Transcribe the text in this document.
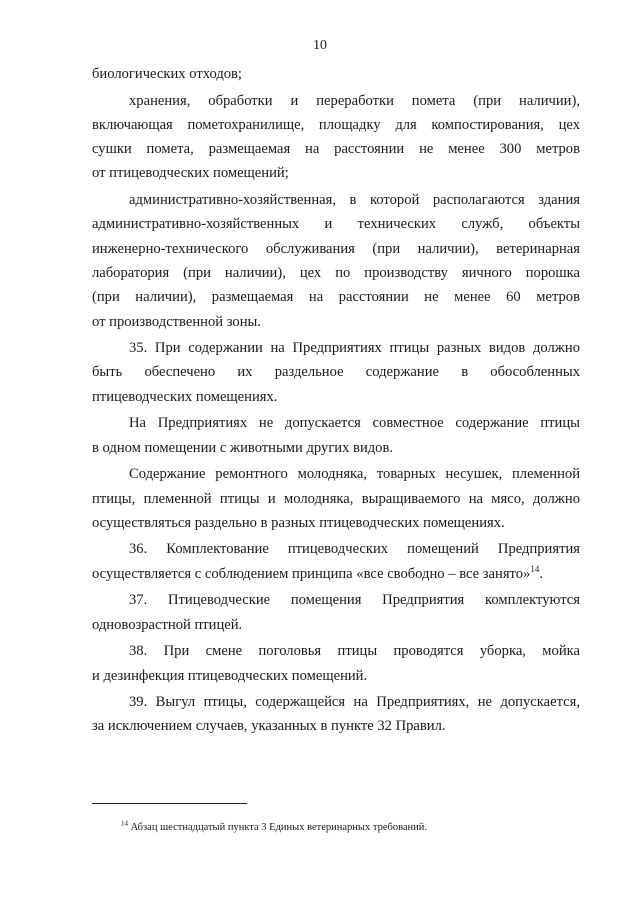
10
биологических отходов;
хранения, обработки и переработки помета (при наличии),
включающая пометохранилище, площадку для компостирования, цех
сушки помета, размещаемая на расстоянии не менее 300 метров
от птицеводческих помещений;
административно-хозяйственная, в которой располагаются здания
административно-хозяйственных и технических служб, объекты
инженерно-технического обслуживания (при наличии), ветеринарная
лаборатория (при наличии), цех по производству яичного порошка
(при наличии), размещаемая на расстоянии не менее 60 метров
от производственной зоны.
35. При содержании на Предприятиях птицы разных видов должно
быть обеспечено их раздельное содержание в обособленных
птицеводческих помещениях.
На Предприятиях не допускается совместное содержание птицы
в одном помещении с животными других видов.
Содержание ремонтного молодняка, товарных несушек, племенной
птицы, племенной птицы и молодняка, выращиваемого на мясо, должно
осуществляться раздельно в разных птицеводческих помещениях.
36. Комплектование птицеводческих помещений Предприятия
осуществляется с соблюдением принципа «все свободно – все занято»$^{14}$.
37. Птицеводческие помещения Предприятия комплектуются
одновозрастной птицей.
38. При смене поголовья птицы проводятся уборка, мойка
и дезинфекция птицеводческих помещений.
39. Выгул птицы, содержащейся на Предприятиях, не допускается,
за исключением случаев, указанных в пункте 32 Правил.
$^{14}$ Абзац шестнадцатый пункта 3 Единых ветеринарных требований.
